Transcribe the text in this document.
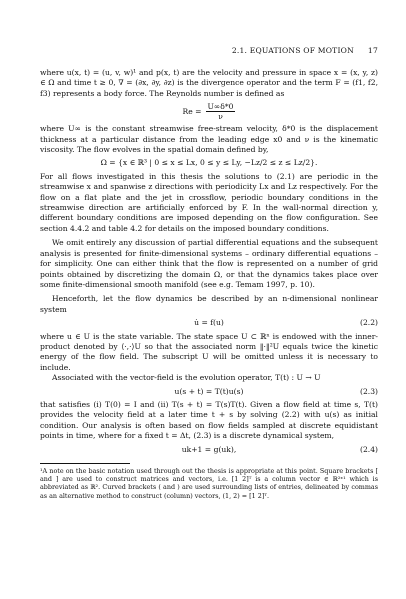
2.1. EQUATIONS OF MOTION 17

where u(x, t) = (u, v, w)¹ and p(x, t) are the velocity and pressure in space x = (x, y, z) ∈ Ω and time t ≥ 0, ∇ = (∂x, ∂y, ∂z) is the divergence operator and the term F = (f1, f2, f3) represents a body force. The Reynolds number is defined as

$Re = \frac{U\infty\delta*0}{\nu}$

where U∞ is the constant streamwise free-stream velocity, δ*0 is the displacement thickness at a particular distance from the leading edge x0 and ν is the kinematic viscosity. The flow evolves in the spatial domain defined by,

Ω = {x ∈ ℝ³ | 0 ≤ x ≤ Lx, 0 ≤ y ≤ Ly, −Lz/2 ≤ z ≤ Lz/2}.

For all flows investigated in this thesis the solutions to (2.1) are periodic in the streamwise x and spanwise z directions with periodicity Lx and Lz respectively. For the flow on a flat plate and the jet in crossflow, periodic boundary conditions in the streamwise direction are artificially enforced by F. In the wall-normal direction y, different boundary conditions are imposed depending on the flow configuration. See section 4.4.2 and table 4.2 for details on the imposed boundary conditions.

We omit entirely any discussion of partial differential equations and the subsequent analysis is presented for finite-dimensional systems – ordinary differential equations – for simplicity. One can either think that the flow is represented on a number of grid points obtained by discretizing the domain Ω, or that the dynamics takes place over some finite-dimensional smooth manifold (see e.g. Temam 1997, p. 10).

Henceforth, let the flow dynamics be described by an n-dimensional nonlinear system

u̇ = f(u)	(2.2)

where u ∈ U is the state variable. The state space U ⊂ ℝⁿ is endowed with the inner-product denoted by ⟨·,·⟩U so that the associated norm ‖·‖²U equals twice the kinetic energy of the flow field. The subscript U will be omitted unless it is necessary to include.

Associated with the vector-field is the evolution operator, T(t) : U → U

u(s + t) = T(t)u(s)	(2.3)

that satisfies (i) T(0) = I and (ii) T(s + t) = T(s)T(t). Given a flow field at time s, T(t) provides the velocity field at a later time t + s by solving (2.2) with u(s) as initial condition. Our analysis is often based on flow fields sampled at discrete equidistant points in time, where for a fixed t = Δt, (2.3) is a discrete dynamical system,

uk+1 = g(uk),	(2.4)

¹A note on the basic notation used through out the thesis is appropriate at this point. Square brackets [ and ] are used to construct matrices and vectors, i.e. [1 2]ᵀ is a column vector ∈ ℝ²ˣ¹ which is abbreviated as ℝ². Curved brackets ( and ) are used surrounding lists of entries, delineated by commas as an alternative method to construct (column) vectors, (1, 2) = [1 2]ᵀ.
